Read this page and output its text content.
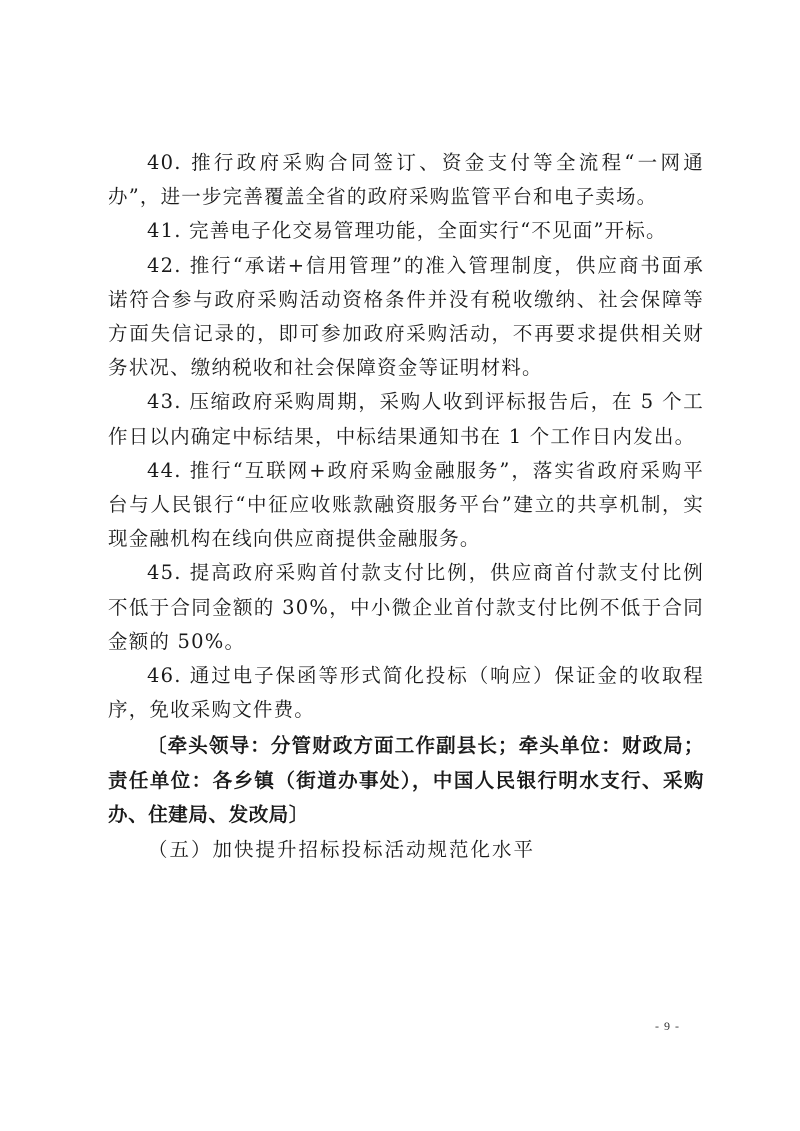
40. 推行政府采购合同签订、资金支付等全流程“一网通办”，进一步完善覆盖全省的政府采购监管平台和电子卖场。

41. 完善电子化交易管理功能，全面实行“不见面”开标。

42. 推行“承诺+信用管理”的准入管理制度，供应商书面承诺符合参与政府采购活动资格条件并没有税收缴纳、社会保障等方面失信记录的，即可参加政府采购活动，不再要求提供相关财务状况、缴纳税收和社会保障资金等证明材料。

43. 压缩政府采购周期，采购人收到评标报告后，在 5 个工作日以内确定中标结果，中标结果通知书在 1 个工作日内发出。

44. 推行“互联网+政府采购金融服务”，落实省政府采购平台与人民银行“中征应收账款融资服务平台”建立的共享机制，实现金融机构在线向供应商提供金融服务。

45. 提高政府采购首付款支付比例，供应商首付款支付比例不低于合同金额的 30%，中小微企业首付款支付比例不低于合同金额的 50%。

46. 通过电子保函等形式简化投标（响应）保证金的收取程序，免收采购文件费。

〔牵头领导：分管财政方面工作副县长；牵头单位：财政局；责任单位：各乡镇（街道办事处），中国人民银行明水支行、采购办、住建局、发改局〕

（五）加快提升招标投标活动规范化水平

- 9 -
